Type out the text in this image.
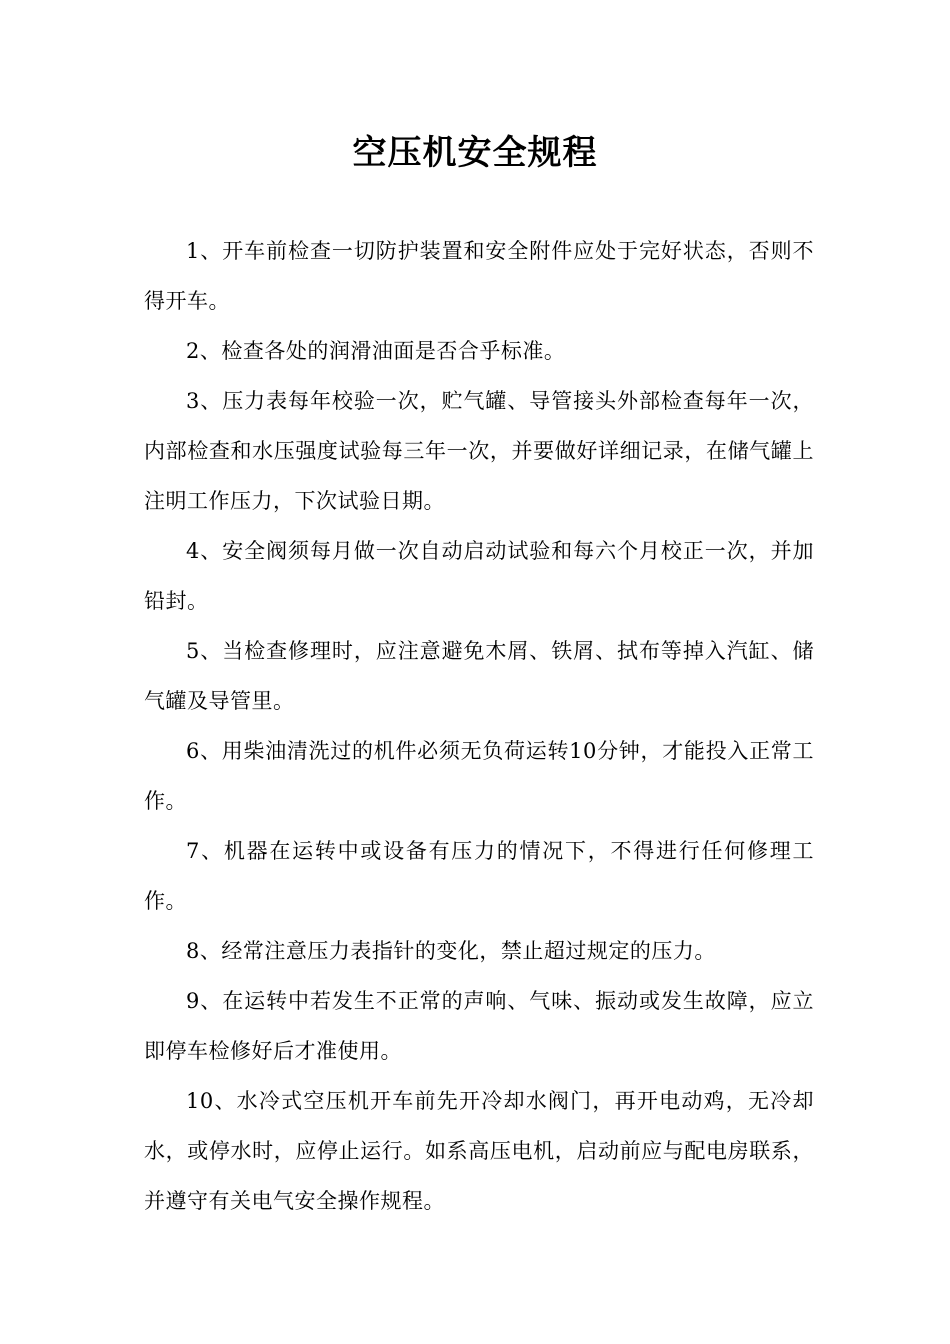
空压机安全规程

1、开车前检查一切防护装置和安全附件应处于完好状态，否则不得开车。

2、检查各处的润滑油面是否合乎标准。

3、压力表每年校验一次，贮气罐、导管接头外部检查每年一次，内部检查和水压强度试验每三年一次，并要做好详细记录，在储气罐上注明工作压力，下次试验日期。

4、安全阀须每月做一次自动启动试验和每六个月校正一次，并加铅封。

5、当检查修理时，应注意避免木屑、铁屑、拭布等掉入汽缸、储气罐及导管里。

6、用柴油清洗过的机件必须无负荷运转10分钟，才能投入正常工作。

7、机器在运转中或设备有压力的情况下，不得进行任何修理工作。

8、经常注意压力表指针的变化，禁止超过规定的压力。

9、在运转中若发生不正常的声响、气味、振动或发生故障，应立即停车检修好后才准使用。

10、水冷式空压机开车前先开冷却水阀门，再开电动鸡，无冷却水，或停水时，应停止运行。如系高压电机，启动前应与配电房联系，并遵守有关电气安全操作规程。
